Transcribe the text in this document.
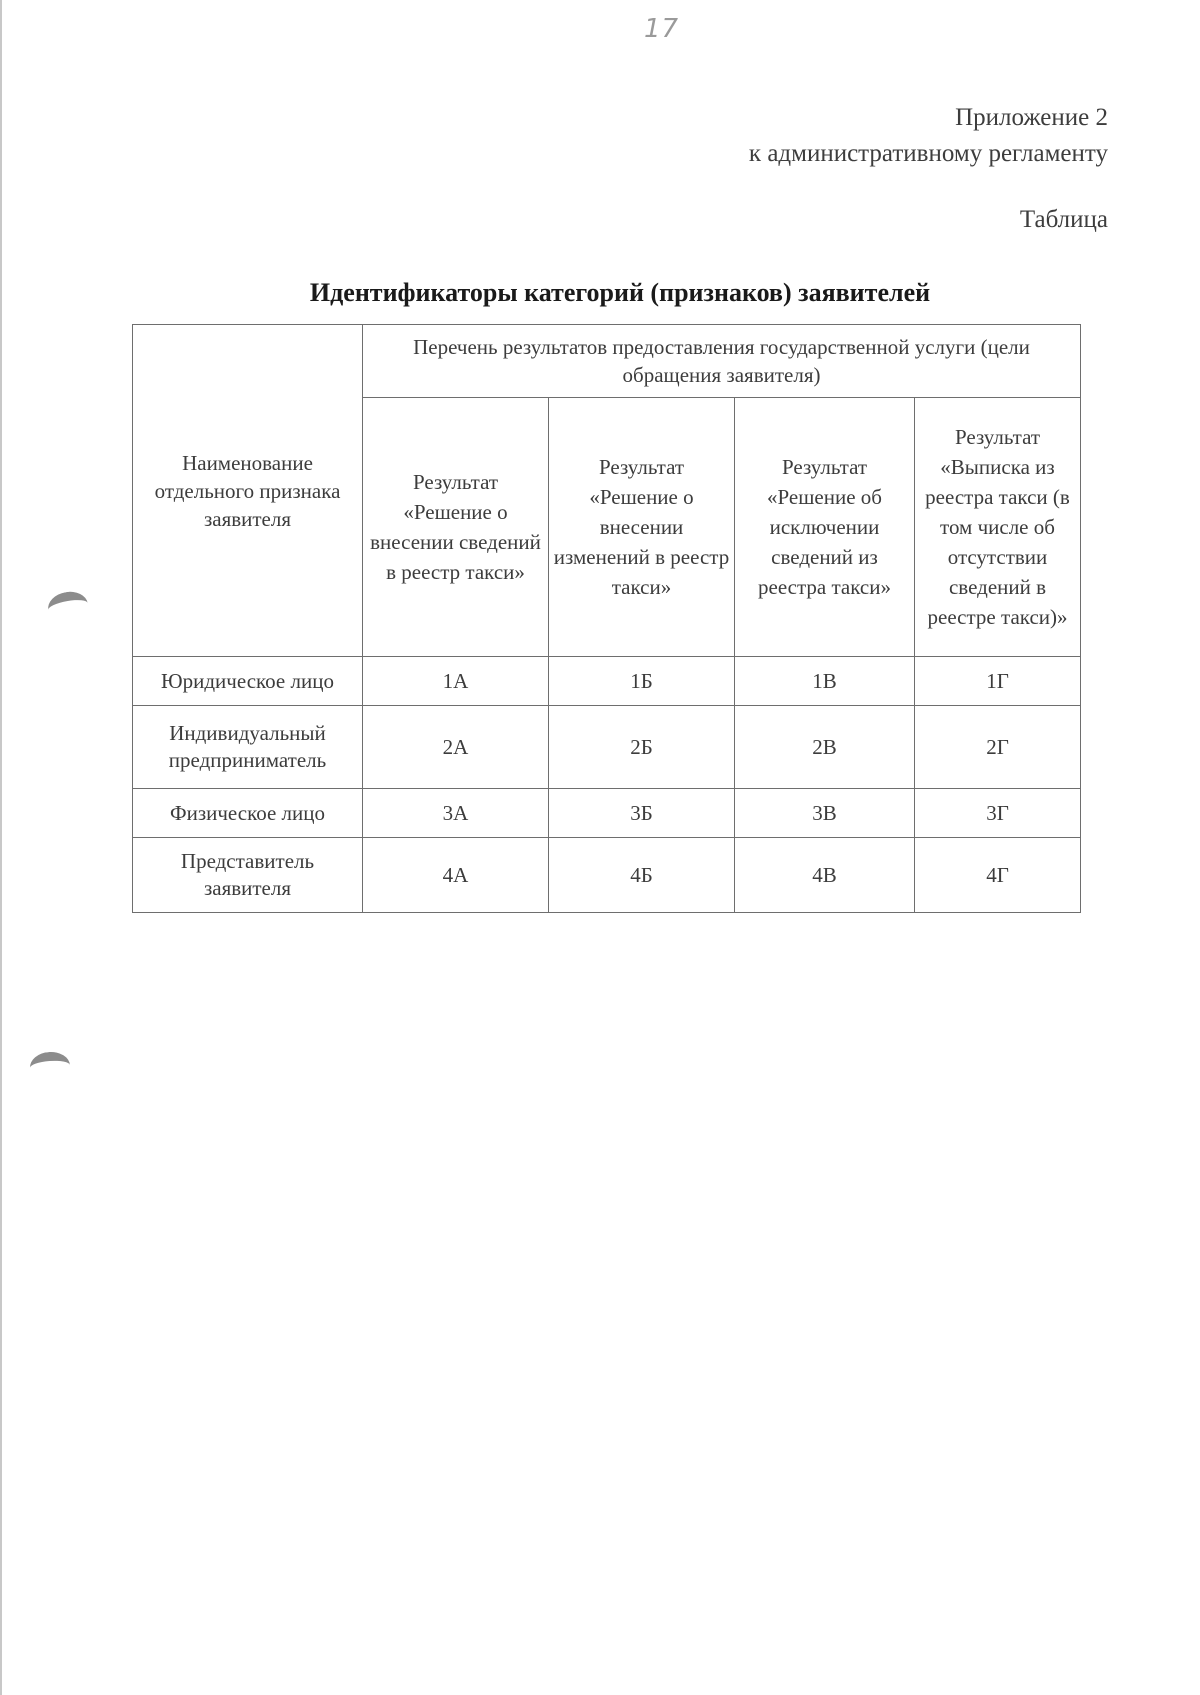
17
Приложение 2
к административному регламенту
Таблица
Идентификаторы категорий (признаков) заявителей
Наименование отдельного признака заявителя	Перечень результатов предоставления государственной услуги (цели обращения заявителя)			
	Результат «Решение о внесении сведений в реестр такси»	Результат «Решение о внесении изменений в реестр такси»	Результат «Решение об исключении сведений из реестра такси»	Результат «Выписка из реестра такси (в том числе об отсутствии сведений в реестре такси)»
Юридическое лицо	1А	1Б	1В	1Г
Индивидуальный предприниматель	2А	2Б	2В	2Г
Физическое лицо	3А	3Б	3В	3Г
Представитель заявителя	4А	4Б	4В	4Г
